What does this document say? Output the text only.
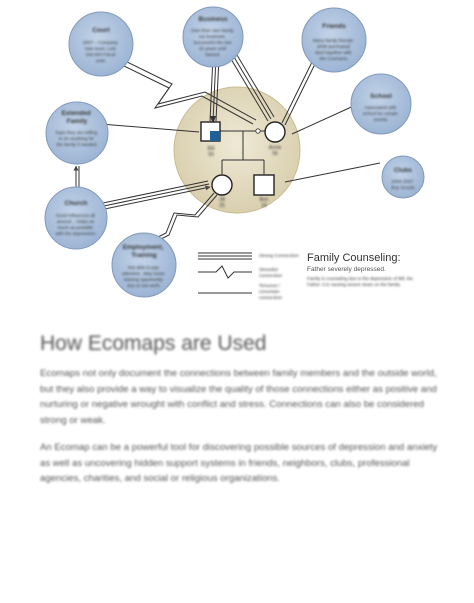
Bill
59
Annie
56
Jill
25
Ben
16
Court
2007 – Company was sued. Lost 150,000 Fiscal year.
Business
Own their own family run business. Successful the last 15 years until lawsuit.
Friends
Many family friends; 2006 purchased land together with the Coomans.
Extended Family
Says they are willing to do anything for the family if needed.
School
Associated with school for certain events.
Clubs
2004-2007 Boy Scouts
Church
Good influences all around... Helps as much as possible with the depression.
Employment, Training
Not able to pay attention...May loose training opportunity due to lost work.
Strong Connection
Stressful connection
Tenuous / Uncertain connection
Family Counseling:
Father severely depressed.
Family is counseling due to the depression of Bill, the Father. It is causing severe strain on the family.
How Ecomaps are Used

Ecomaps not only document the connections between family members and the outside world, but they also provide a way to visualize the quality of those connections either as positive and nurturing or negative wrought with conflict and stress. Connections can also be considered strong or weak.

An Ecomap can be a powerful tool for discovering possible sources of depression and anxiety as well as uncovering hidden support systems in friends, neighbors, clubs, professional agencies, charities, and social or religious organizations.
